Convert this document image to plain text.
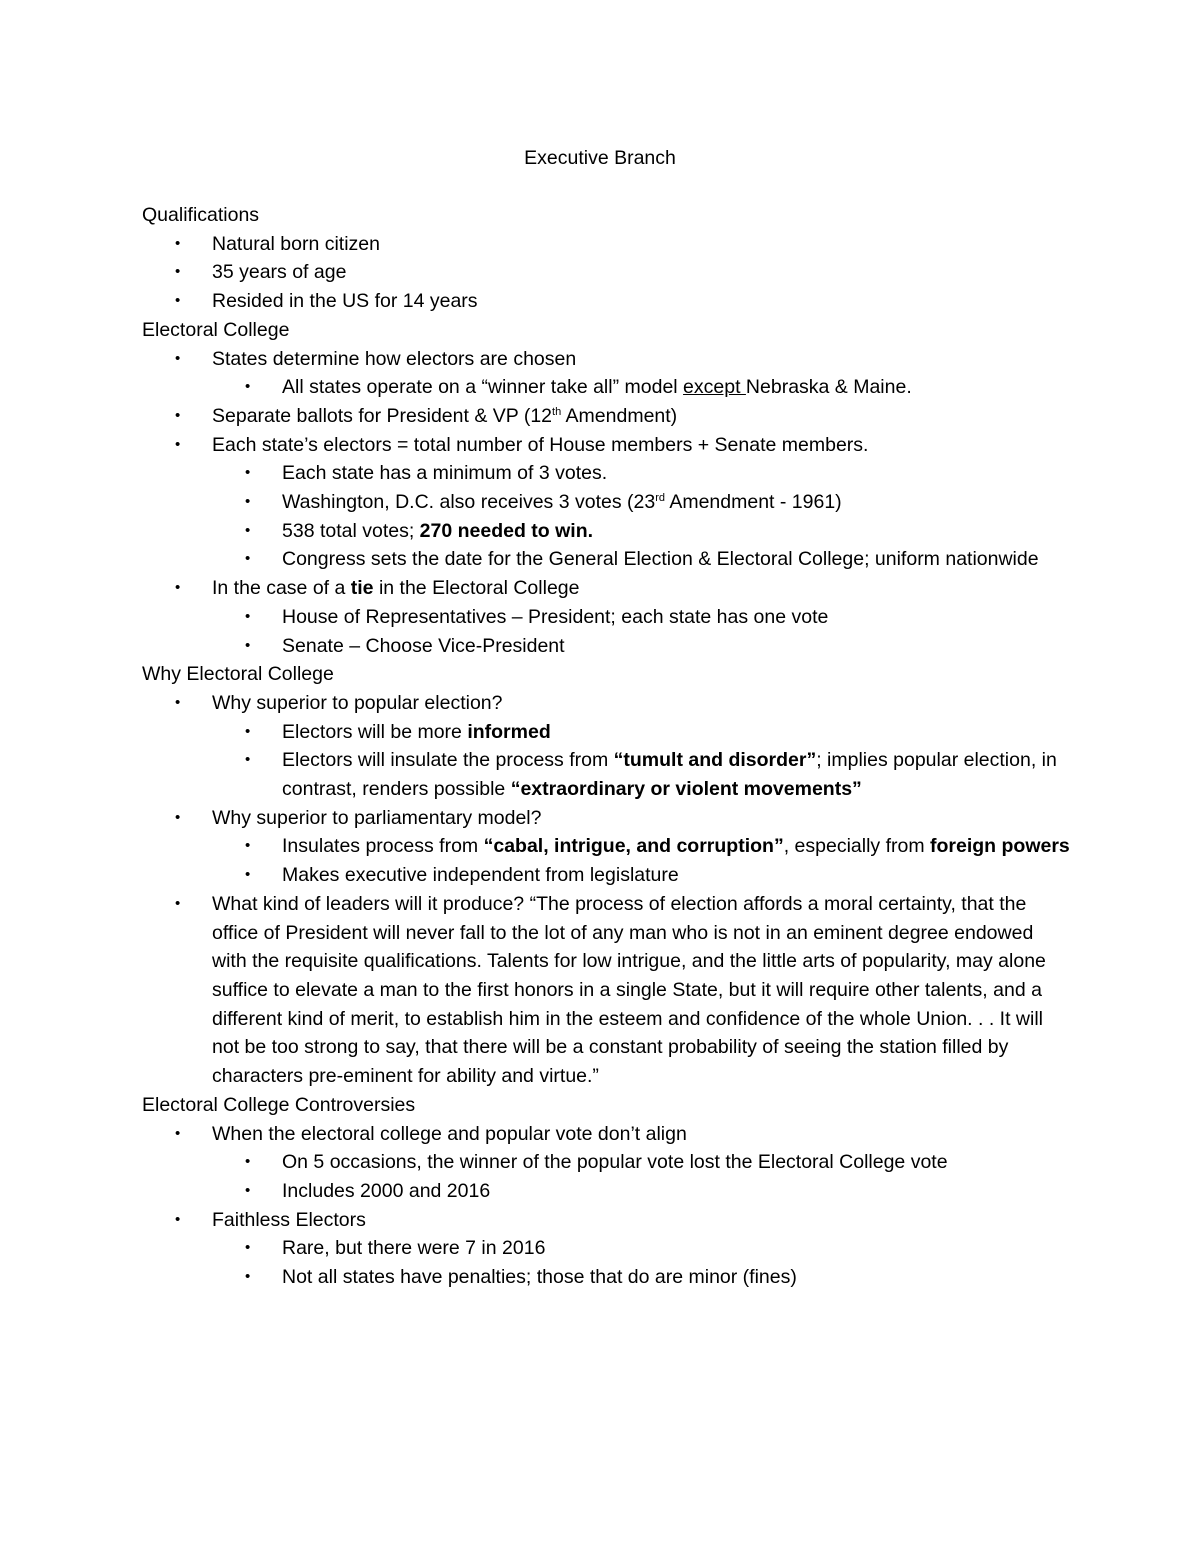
Executive Branch
Qualifications
• Natural born citizen
• 35 years of age
• Resided in the US for 14 years
Electoral College
• States determine how electors are chosen
• All states operate on a “winner take all” model except Nebraska & Maine.
• Separate ballots for President & VP (12th Amendment)
• Each state’s electors = total number of House members + Senate members.
• Each state has a minimum of 3 votes.
• Washington, D.C. also receives 3 votes (23rd Amendment - 1961)
• 538 total votes; 270 needed to win.
• Congress sets the date for the General Election & Electoral College; uniform nationwide
• In the case of a tie in the Electoral College
• House of Representatives – President; each state has one vote
• Senate – Choose Vice-President
Why Electoral College
• Why superior to popular election?
• Electors will be more informed
• Electors will insulate the process from “tumult and disorder”; implies popular election, in contrast, renders possible “extraordinary or violent movements”
• Why superior to parliamentary model?
• Insulates process from “cabal, intrigue, and corruption”, especially from foreign powers
• Makes executive independent from legislature
• What kind of leaders will it produce? “The process of election affords a moral certainty, that the office of President will never fall to the lot of any man who is not in an eminent degree endowed with the requisite qualifications. Talents for low intrigue, and the little arts of popularity, may alone suffice to elevate a man to the first honors in a single State, but it will require other talents, and a different kind of merit, to establish him in the esteem and confidence of the whole Union. . . It will not be too strong to say, that there will be a constant probability of seeing the station filled by characters pre-eminent for ability and virtue.”
Electoral College Controversies
• When the electoral college and popular vote don’t align
• On 5 occasions, the winner of the popular vote lost the Electoral College vote
• Includes 2000 and 2016
• Faithless Electors
• Rare, but there were 7 in 2016
• Not all states have penalties; those that do are minor (fines)
